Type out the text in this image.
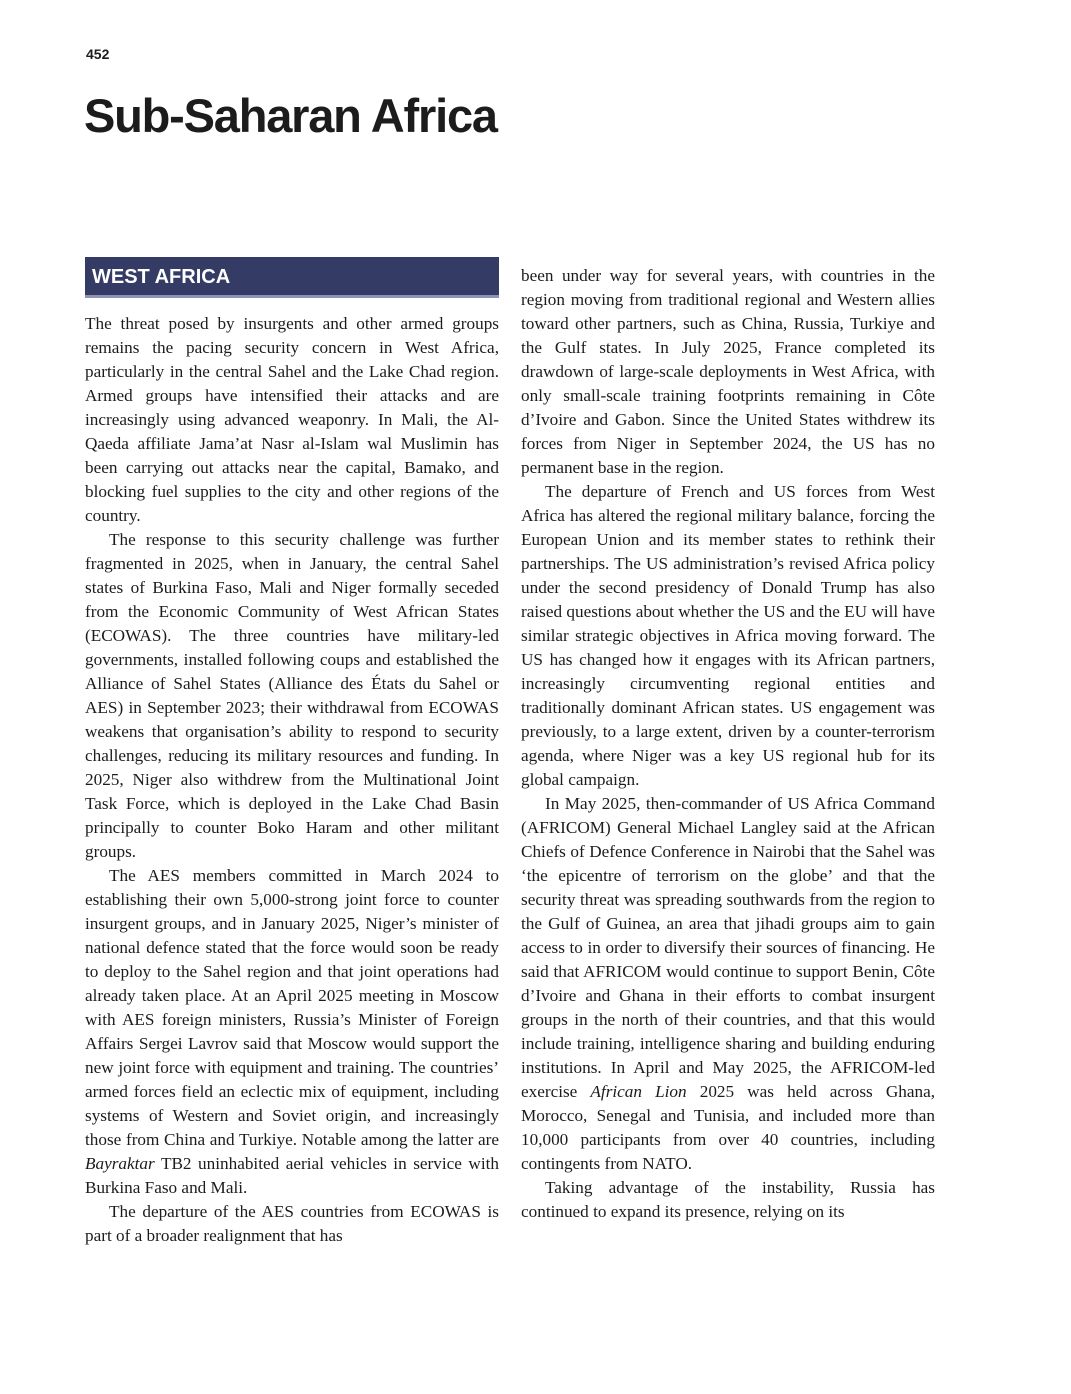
452
Sub-Saharan Africa
WEST AFRICA

The threat posed by insurgents and other armed groups remains the pacing security concern in West Africa, particularly in the central Sahel and the Lake Chad region. Armed groups have intensified their attacks and are increasingly using advanced weaponry. In Mali, the Al-Qaeda affiliate Jama’at Nasr al-Islam wal Muslimin has been carrying out attacks near the capital, Bamako, and blocking fuel supplies to the city and other regions of the country.

The response to this security challenge was further fragmented in 2025, when in January, the central Sahel states of Burkina Faso, Mali and Niger formally seceded from the Economic Community of West African States (ECOWAS). The three countries have military-led governments, installed following coups and established the Alliance of Sahel States (Alliance des États du Sahel or AES) in September 2023; their withdrawal from ECOWAS weakens that organisation’s ability to respond to security challenges, reducing its military resources and funding. In 2025, Niger also withdrew from the Multinational Joint Task Force, which is deployed in the Lake Chad Basin principally to counter Boko Haram and other militant groups.

The AES members committed in March 2024 to establishing their own 5,000-strong joint force to counter insurgent groups, and in January 2025, Niger’s minister of national defence stated that the force would soon be ready to deploy to the Sahel region and that joint operations had already taken place. At an April 2025 meeting in Moscow with AES foreign ministers, Russia’s Minister of Foreign Affairs Sergei Lavrov said that Moscow would support the new joint force with equipment and training. The countries’ armed forces field an eclectic mix of equipment, including systems of Western and Soviet origin, and increasingly those from China and Turkiye. Notable among the latter are Bayraktar TB2 uninhabited aerial vehicles in service with Burkina Faso and Mali.

The departure of the AES countries from ECOWAS is part of a broader realignment that has

been under way for several years, with countries in the region moving from traditional regional and Western allies toward other partners, such as China, Russia, Turkiye and the Gulf states. In July 2025, France completed its drawdown of large-scale deployments in West Africa, with only small-scale training footprints remaining in Côte d’Ivoire and Gabon. Since the United States withdrew its forces from Niger in September 2024, the US has no permanent base in the region.

The departure of French and US forces from West Africa has altered the regional military balance, forcing the European Union and its member states to rethink their partnerships. The US administration’s revised Africa policy under the second presidency of Donald Trump has also raised questions about whether the US and the EU will have similar strategic objectives in Africa moving forward. The US has changed how it engages with its African partners, increasingly circumventing regional entities and traditionally dominant African states. US engagement was previously, to a large extent, driven by a counter-terrorism agenda, where Niger was a key US regional hub for its global campaign.

In May 2025, then-commander of US Africa Command (AFRICOM) General Michael Langley said at the African Chiefs of Defence Conference in Nairobi that the Sahel was ‘the epicentre of terrorism on the globe’ and that the security threat was spreading southwards from the region to the Gulf of Guinea, an area that jihadi groups aim to gain access to in order to diversify their sources of financing. He said that AFRICOM would continue to support Benin, Côte d’Ivoire and Ghana in their efforts to combat insurgent groups in the north of their countries, and that this would include training, intelligence sharing and building enduring institutions. In April and May 2025, the AFRICOM-led exercise African Lion 2025 was held across Ghana, Morocco, Senegal and Tunisia, and included more than 10,000 participants from over 40 countries, including contingents from NATO.

Taking advantage of the instability, Russia has continued to expand its presence, relying on its
